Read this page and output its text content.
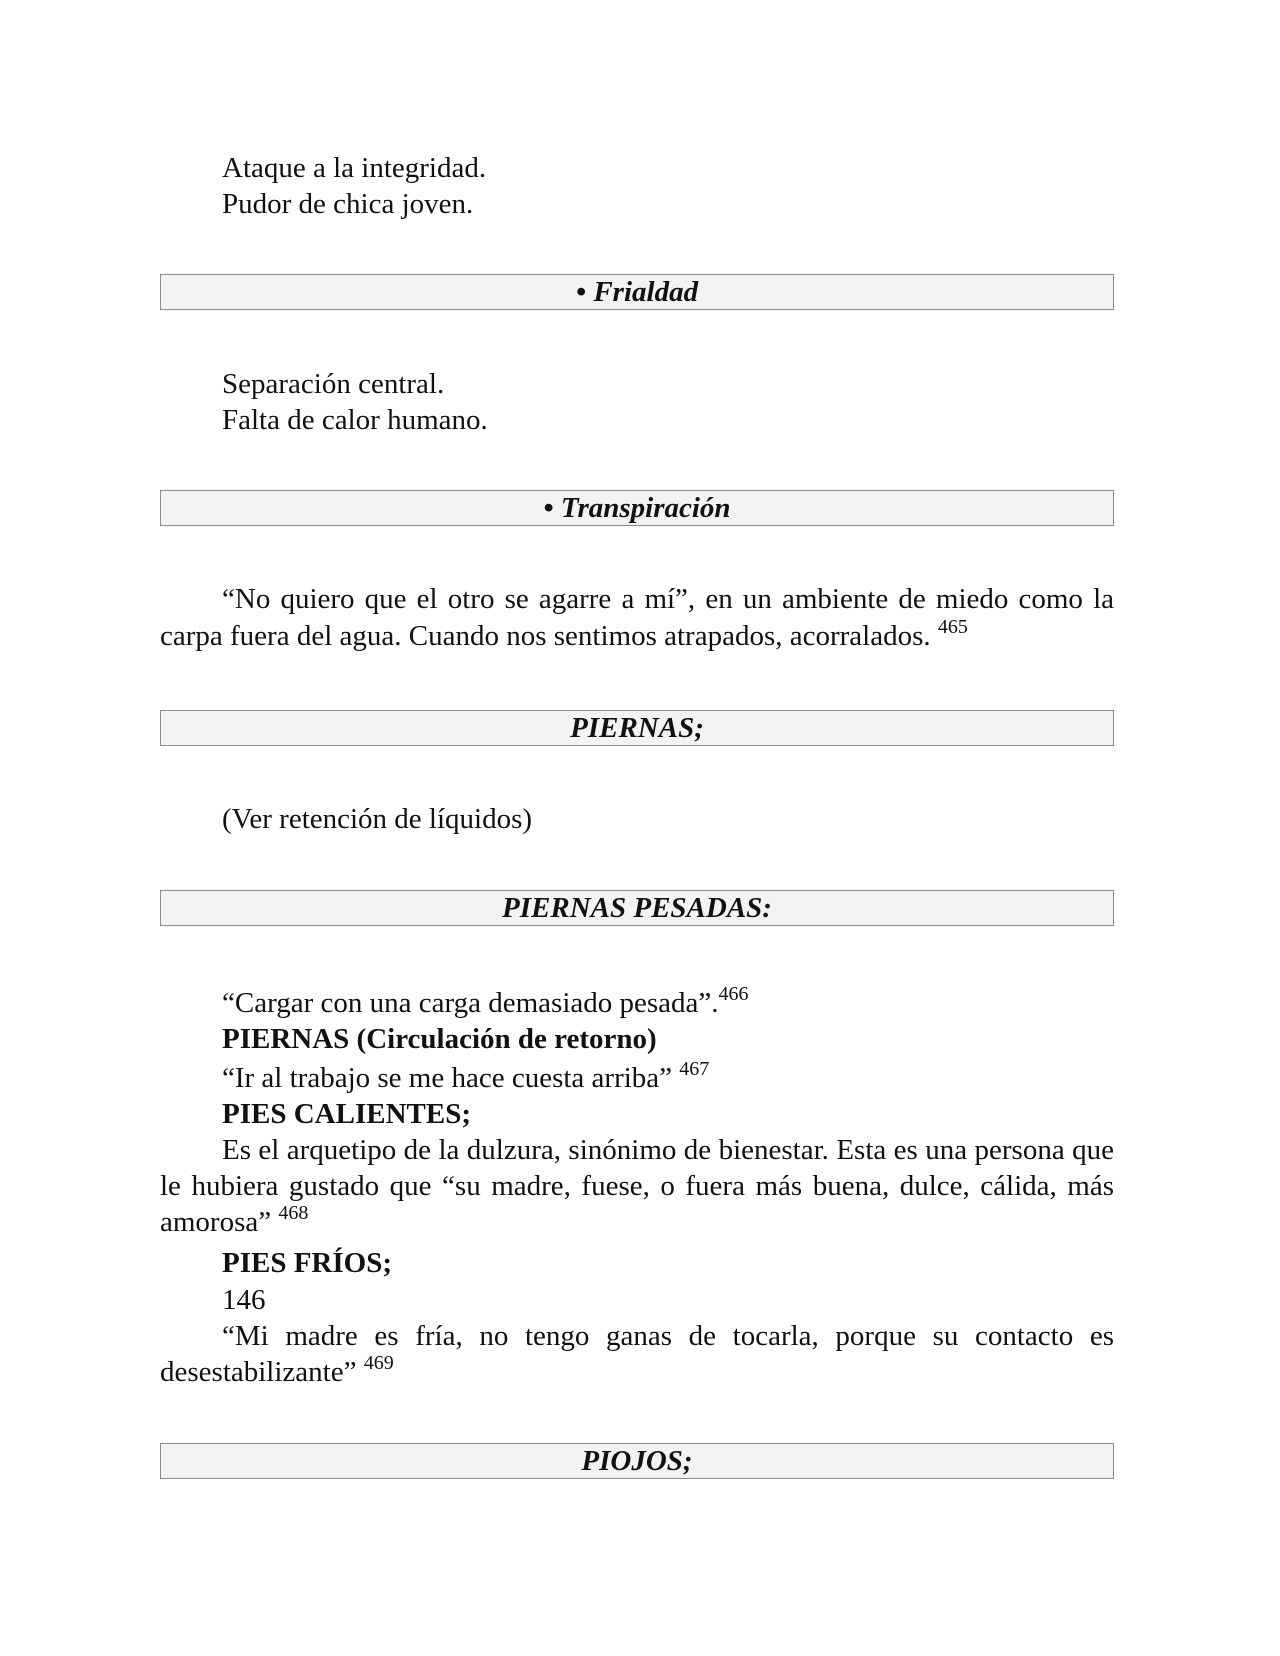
Ataque a la integridad.
Pudor de chica joven.
• Frialdad
Separación central.
Falta de calor humano.
• Transpiración
“No quiero que el otro se agarre a mí”, en un ambiente de miedo como la carpa fuera del agua. Cuando nos sentimos atrapados, acorralados. $^{465}$
PIERNAS;
(Ver retención de líquidos)
PIERNAS PESADAS:
“Cargar con una carga demasiado pesada”.$^{466}$
PIERNAS (Circulación de retorno)
“Ir al trabajo se me hace cuesta arriba” $^{467}$
PIES CALIENTES;
Es el arquetipo de la dulzura, sinónimo de bienestar. Esta es una persona que le hubiera gustado que “su madre, fuese, o fuera más buena, dulce, cálida, más amorosa” $^{468}$
PIES FRÍOS;
146
“Mi madre es fría, no tengo ganas de tocarla, porque su contacto es desestabilizante” $^{469}$
PIOJOS;
